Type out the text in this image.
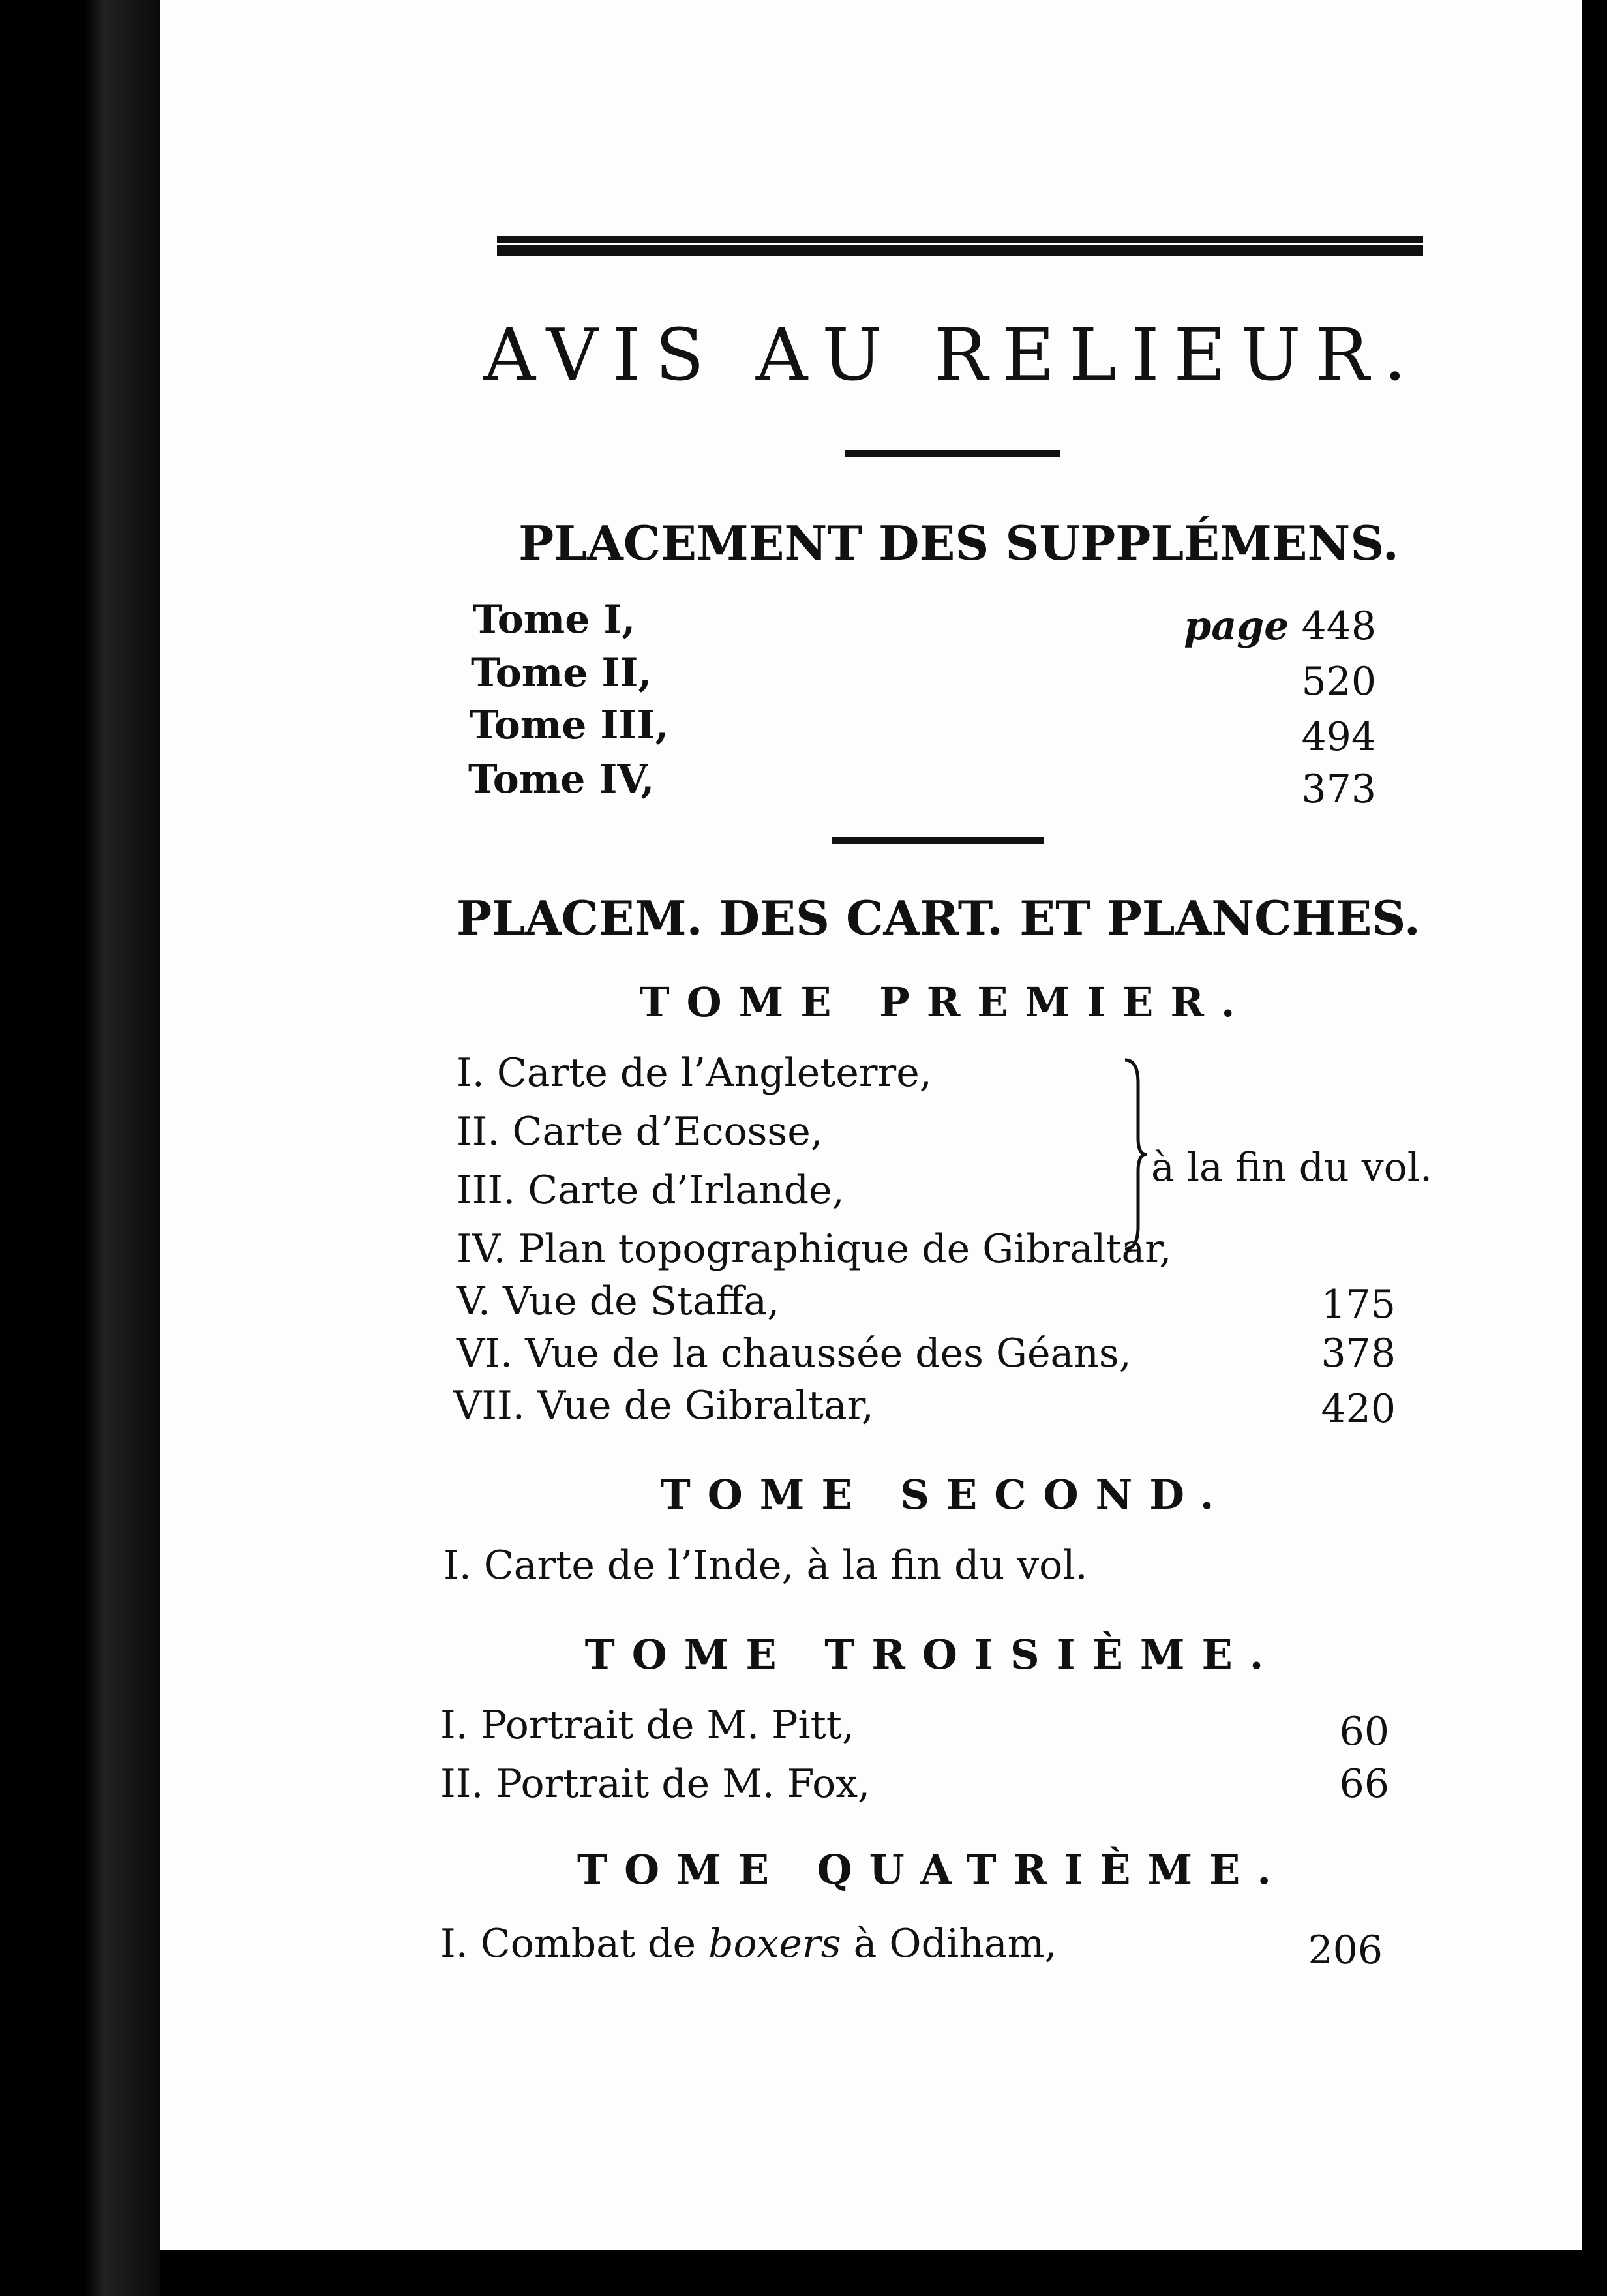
AVIS AU RELIEUR.
PLACEMENT DES SUPPLÉMENS.
Tome I,	page 448
Tome II,	520
Tome III,	494
Tome IV,	373
PLACEM. DES CART. ET PLANCHES.
TOME PREMIER.
I. Carte de l’Angleterre,
II. Carte d’Ecosse,
III. Carte d’Irlande,
IV. Plan topographique de Gibraltar,
à la fin du vol.
V. Vue de Staffa,	175
VI. Vue de la chaussée des Géans,	378
VII. Vue de Gibraltar,	420
TOME SECOND.
I. Carte de l’Inde, à la fin du vol.
TOME TROISIÈME.
I. Portrait de M. Pitt,	60
II. Portrait de M. Fox,	66
TOME QUATRIÈME.
I. Combat de boxers à Odiham,	206
